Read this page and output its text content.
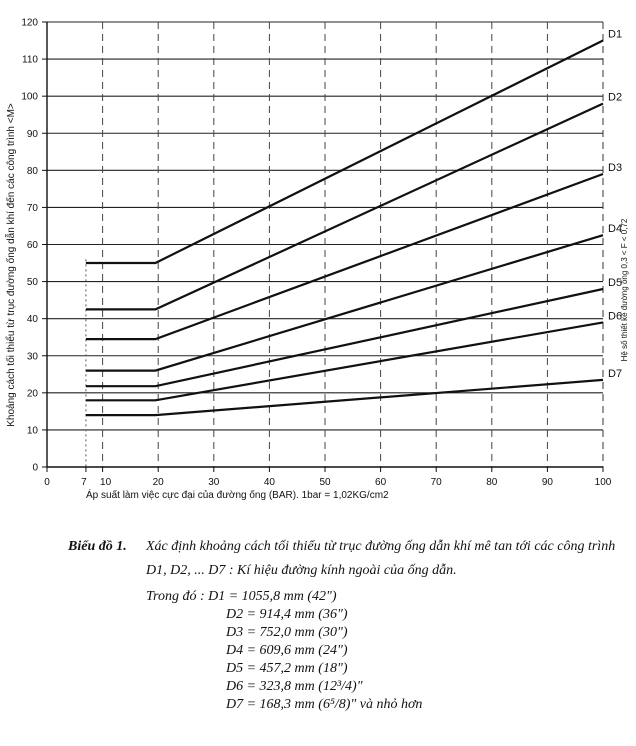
0	7 10	20	30	40	50	60	70	80	90	100
0
10
20
30
40
50
60
70
80
90
100
110
120
D1
D2
D3
D4
D5
D6
D7
Áp suất làm việc cực đại của đường ống (BAR). 1bar = 1,02KG/cm2
Khoảng cách tối thiểu từ trục đường ống dẫn khí đến các công trình <M>	Hệ số thiết kế đường ống 0,3 < F < 0,72
Biểu đồ 1.	Xác định khoảng cách tối thiểu từ trục đường ống dẫn khí mê tan tới các công trình
D1, D2, ... D7 : Kí hiệu đường kính ngoài của ống dẫn.
Trong đó : D1 = 1055,8 mm (42")
D2 = 914,4 mm (36")
D3 = 752,0 mm (30")
D4 = 609,6 mm (24")
D5 = 457,2 mm (18")
D6 = 323,8 mm (12³/4)"
D7 = 168,3 mm (6⁵/8)" và nhỏ hơn
